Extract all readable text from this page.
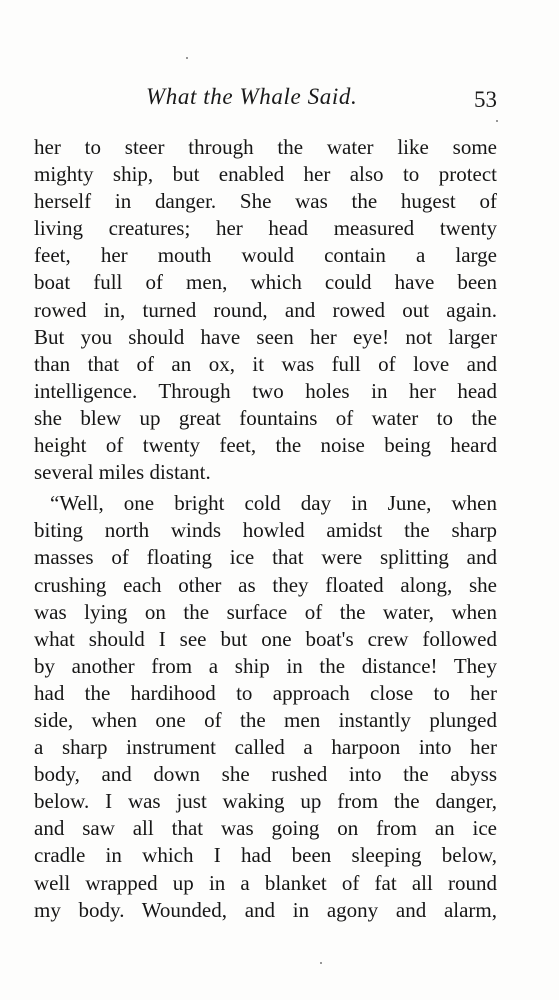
What the Whale Said.	53
her to steer through the water like some
mighty ship, but enabled her also to protect
herself in danger. She was the hugest of
living creatures; her head measured twenty
feet, her mouth would contain a large
boat full of men, which could have been
rowed in, turned round, and rowed out again.
But you should have seen her eye! not larger
than that of an ox, it was full of love and
intelligence. Through two holes in her head
she blew up great fountains of water to the
height of twenty feet, the noise being heard
several miles distant.
“Well, one bright cold day in June, when
biting north winds howled amidst the sharp
masses of floating ice that were splitting and
crushing each other as they floated along, she
was lying on the surface of the water, when
what should I see but one boat's crew followed
by another from a ship in the distance! They
had the hardihood to approach close to her
side, when one of the men instantly plunged
a sharp instrument called a harpoon into her
body, and down she rushed into the abyss
below. I was just waking up from the danger,
and saw all that was going on from an ice
cradle in which I had been sleeping below,
well wrapped up in a blanket of fat all round
my body. Wounded, and in agony and alarm,
